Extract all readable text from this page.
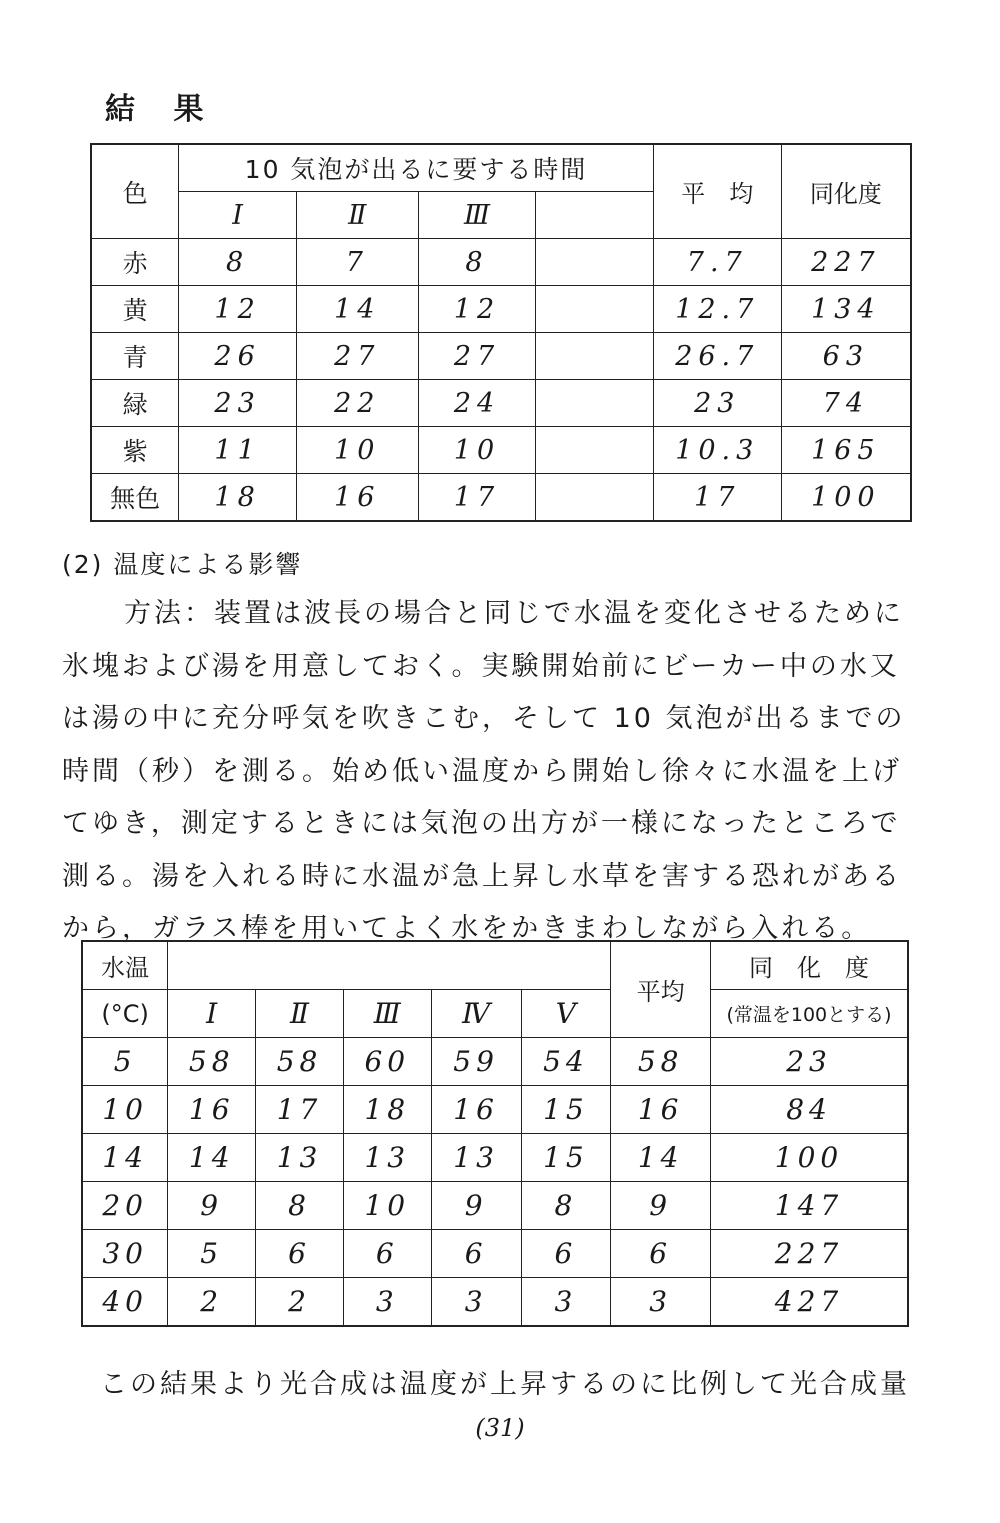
結 果
色	10 気泡が出るに要する時間				平　均	同化度
	Ⅰ	Ⅱ	Ⅲ			
赤	8	7	8		7.7	227
黄	12	14	12		12.7	134
青	26	27	27		26.7	63
緑	23	22	24		23	74
紫	11	10	10		10.3	165
無色	18	16	17		17	100
(2) 温度による影響

方法：装置は波長の場合と同じで水温を変化させるために

氷塊および湯を用意しておく。実験開始前にビーカー中の水又

は湯の中に充分呼気を吹きこむ，そして 10 気泡が出るまでの

時間（秒）を測る。始め低い温度から開始し徐々に水温を上げ

てゆき，測定するときには気泡の出方が一様になったところで

測る。湯を入れる時に水温が急上昇し水草を害する恐れがある

から，ガラス棒を用いてよく水をかきまわしながら入れる。

水温						平均	同　化　度
(°C)	Ⅰ	Ⅱ	Ⅲ	Ⅳ	Ⅴ		(常温を100とする)
5	58	58	60	59	54	58	23
10	16	17	18	16	15	16	84
14	14	13	13	13	15	14	100
20	9	8	10	9	8	9	147
30	5	6	6	6	6	6	227
40	2	2	3	3	3	3	427
この結果より光合成は温度が上昇するのに比例して光合成量
(31)
